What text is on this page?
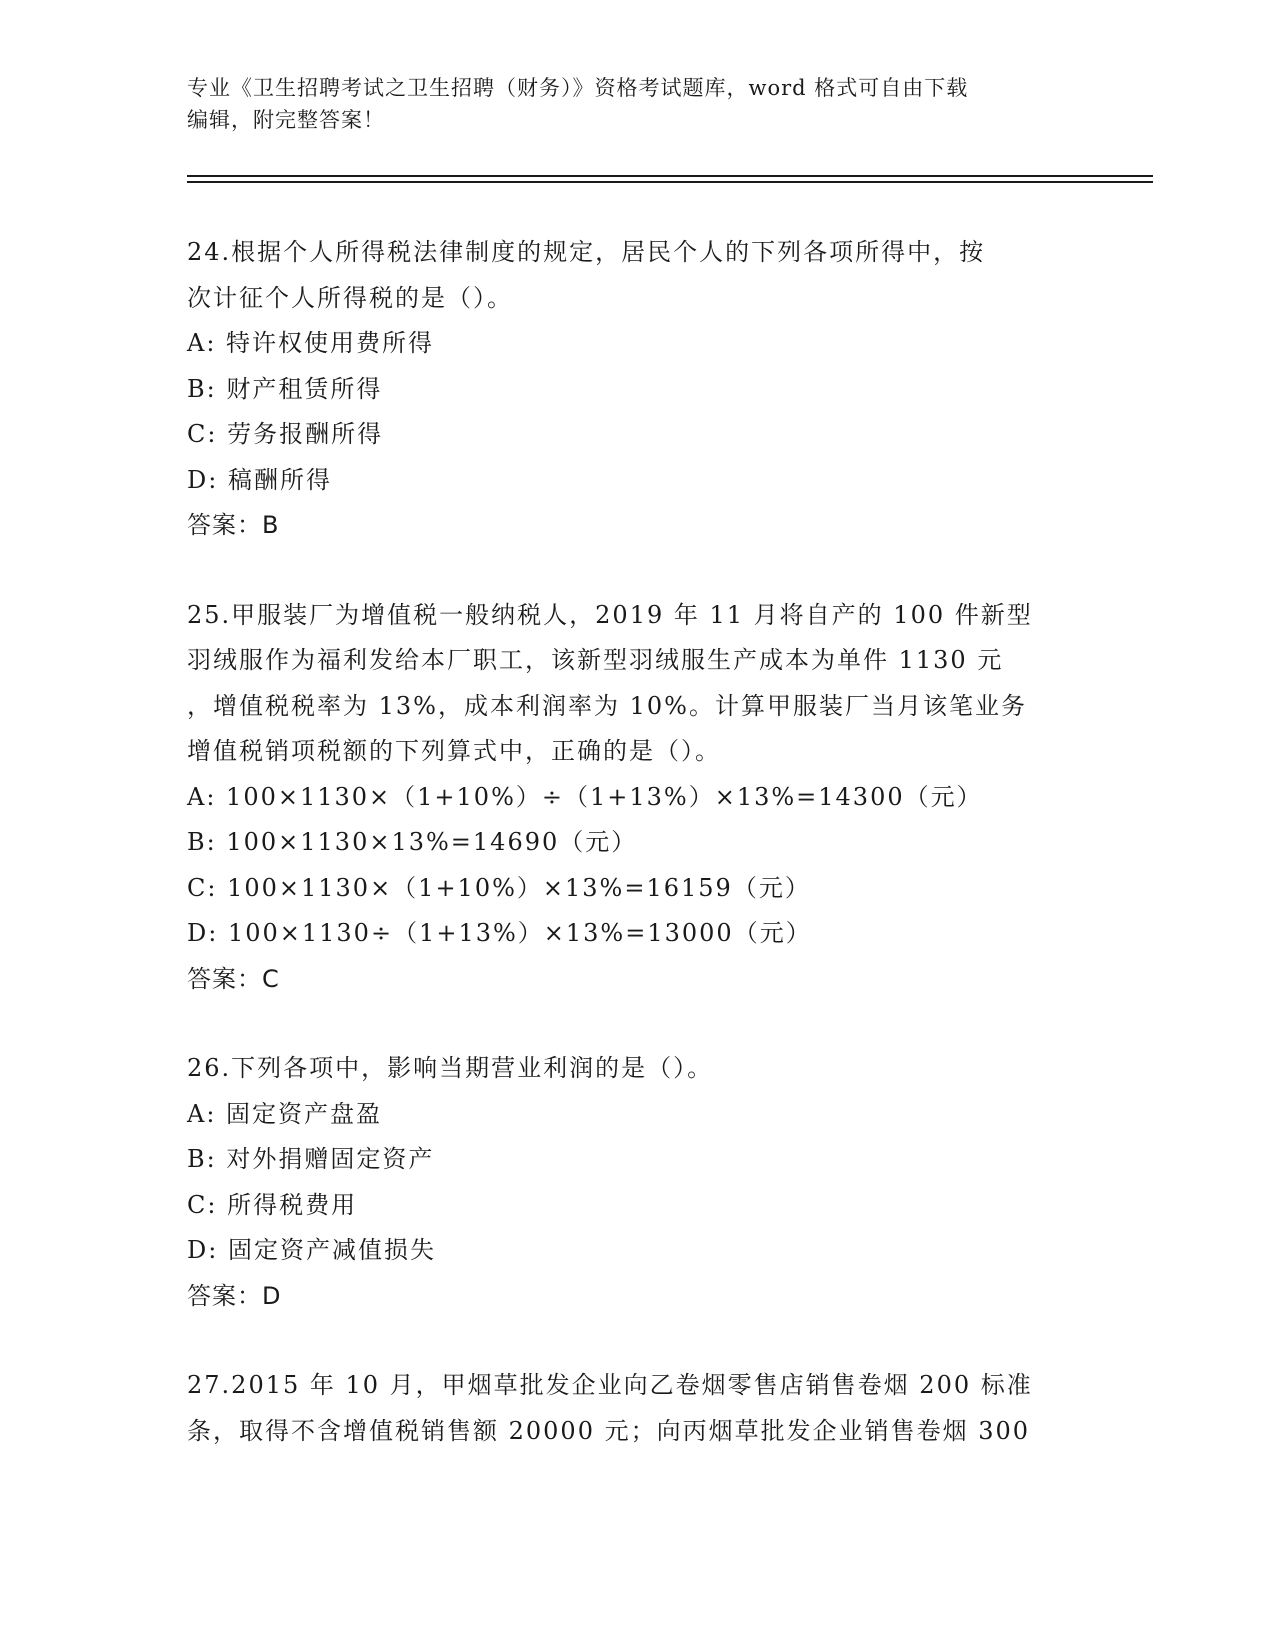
专业《卫生招聘考试之卫生招聘（财务）》资格考试题库，word 格式可自由下载

编辑，附完整答案！

24.根据个人所得税法律制度的规定，居民个人的下列各项所得中，按
次计征个人所得税的是（）。
A: 特许权使用费所得
B: 财产租赁所得
C: 劳务报酬所得
D: 稿酬所得
答案：B
25.甲服装厂为增值税一般纳税人，2019 年 11 月将自产的 100 件新型
羽绒服作为福利发给本厂职工，该新型羽绒服生产成本为单件 1130 元
，增值税税率为 13%，成本利润率为 10%。计算甲服装厂当月该笔业务
增值税销项税额的下列算式中，正确的是（）。
A: 100×1130×（1+10%）÷（1+13%）×13%=14300（元）
B: 100×1130×13%=14690（元）
C: 100×1130×（1+10%）×13%=16159（元）
D: 100×1130÷（1+13%）×13%=13000（元）
答案：C
26.下列各项中，影响当期营业利润的是（）。
A: 固定资产盘盈
B: 对外捐赠固定资产
C: 所得税费用
D: 固定资产减值损失
答案：D
27.2015 年 10 月，甲烟草批发企业向乙卷烟零售店销售卷烟 200 标准
条，取得不含增值税销售额 20000 元；向丙烟草批发企业销售卷烟 300
